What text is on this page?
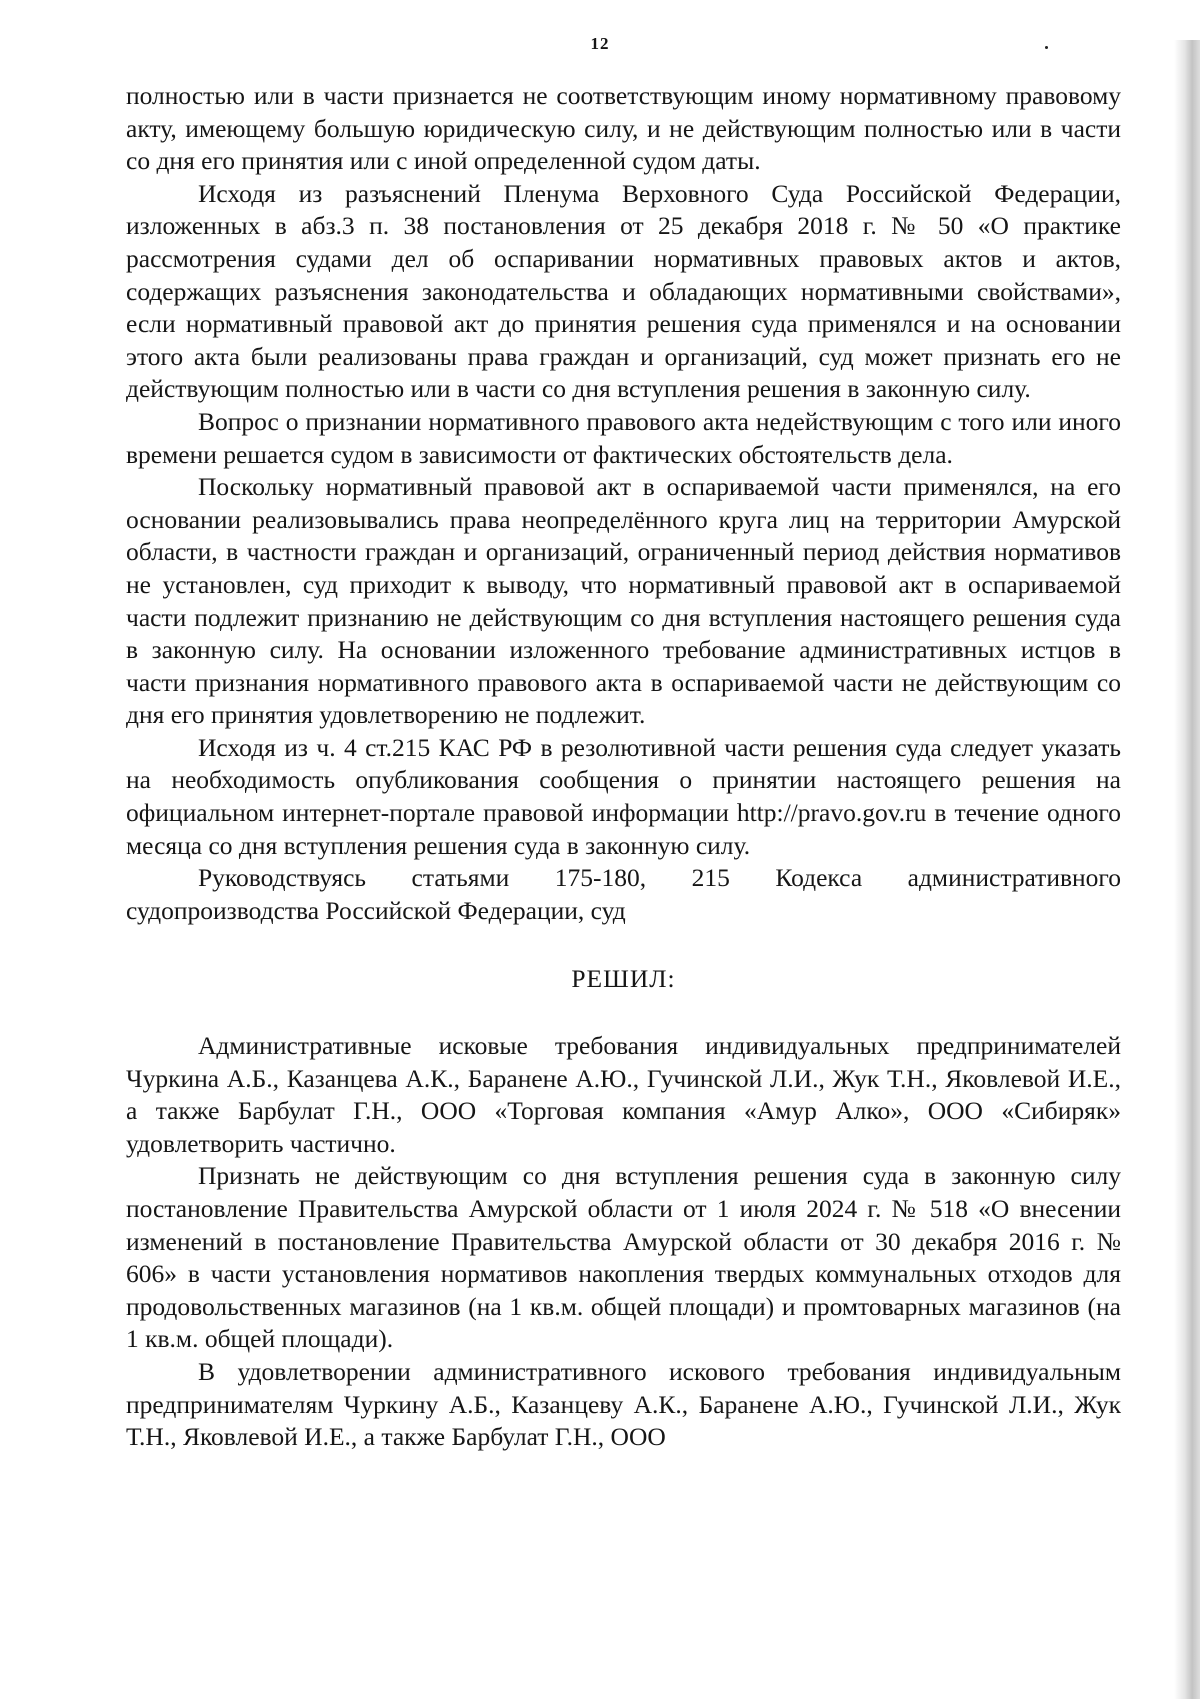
12

полностью или в части признается не соответствующим иному нормативному правовому акту, имеющему большую юридическую силу, и не действующим полностью или в части со дня его принятия или с иной определенной судом даты.

Исходя из разъяснений Пленума Верховного Суда Российской Федерации, изложенных в абз.3 п. 38 постановления от 25 декабря 2018 г. № 50 «О практике рассмотрения судами дел об оспаривании нормативных правовых актов и актов, содержащих разъяснения законодательства и обладающих нормативными свойствами», если нормативный правовой акт до принятия решения суда применялся и на основании этого акта были реализованы права граждан и организаций, суд может признать его не действующим полностью или в части со дня вступления решения в законную силу.

Вопрос о признании нормативного правового акта недействующим с того или иного времени решается судом в зависимости от фактических обстоятельств дела.

Поскольку нормативный правовой акт в оспариваемой части применялся, на его основании реализовывались права неопределённого круга лиц на территории Амурской области, в частности граждан и организаций, ограниченный период действия нормативов не установлен, суд приходит к выводу, что нормативный правовой акт в оспариваемой части подлежит признанию не действующим со дня вступления настоящего решения суда в законную силу. На основании изложенного требование административных истцов в части признания нормативного правового акта в оспариваемой части не действующим со дня его принятия удовлетворению не подлежит.

Исходя из ч. 4 ст.215 КАС РФ в резолютивной части решения суда следует указать на необходимость опубликования сообщения о принятии настоящего решения на официальном интернет-портале правовой информации http://pravo.gov.ru в течение одного месяца со дня вступления решения суда в законную силу.

Руководствуясь статьями 175-180, 215 Кодекса административного судопроизводства Российской Федерации, суд

РЕШИЛ:

Административные исковые требования индивидуальных предпринимателей Чуркина А.Б., Казанцева А.К., Баранене А.Ю., Гучинской Л.И., Жук Т.Н., Яковлевой И.Е., а также Барбулат Г.Н., ООО «Торговая компания «Амур Алко», ООО «Сибиряк» удовлетворить частично.

Признать не действующим со дня вступления решения суда в законную силу постановление Правительства Амурской области от 1 июля 2024 г. № 518 «О внесении изменений в постановление Правительства Амурской области от 30 декабря 2016 г. № 606» в части установления нормативов накопления твердых коммунальных отходов для продовольственных магазинов (на 1 кв.м. общей площади) и промтоварных магазинов (на 1 кв.м. общей площади).

В удовлетворении административного искового требования индивидуальным предпринимателям Чуркину А.Б., Казанцеву А.К., Баранене А.Ю., Гучинской Л.И., Жук Т.Н., Яковлевой И.Е., а также Барбулат Г.Н., ООО
